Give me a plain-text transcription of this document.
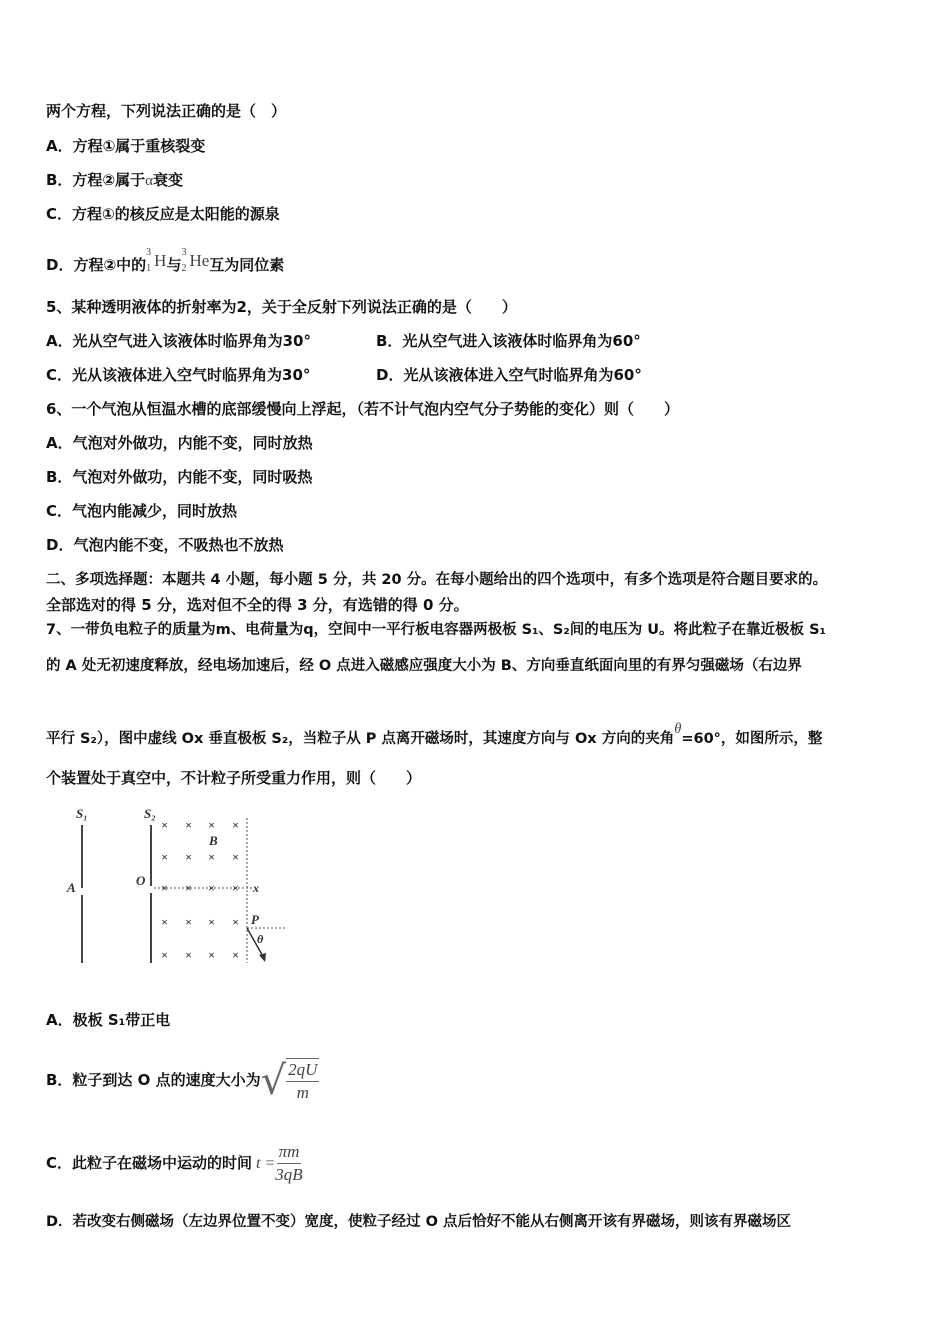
两个方程，下列说法正确的是（　）
A．方程①属于重核裂变
B．方程②属于α衰变
C．方程①的核反应是太阳能的源泉
D．方程②中的
3
1 H与
3
2 He互为同位素
5、某种透明液体的折射率为2，关于全反射下列说法正确的是（　　）
A．光从空气进入该液体时临界角为30°	B．光从空气进入该液体时临界角为60°
C．光从该液体进入空气时临界角为30°	D．光从该液体进入空气时临界角为60°
6、一个气泡从恒温水槽的底部缓慢向上浮起，（若不计气泡内空气分子势能的变化）则（　　）
A．气泡对外做功，内能不变，同时放热
B．气泡对外做功，内能不变，同时吸热
C．气泡内能减少，同时放热
D．气泡内能不变，不吸热也不放热
二、多项选择题：本题共 4 小题，每小题 5 分，共 20 分。在每小题给出的四个选项中，有多个选项是符合题目要求的。
全部选对的得 5 分，选对但不全的得 3 分，有选错的得 0 分。
7、一带负电粒子的质量为m、电荷量为q，空间中一平行板电容器两极板 S₁、S₂间的电压为 U。将此粒子在靠近极板 S₁
的 A 处无初速度释放，经电场加速后，经 O 点进入磁感应强度大小为 B、方向垂直纸面向里的有界匀强磁场（右边界
平行 S₂），图中虚线 Ox 垂直极板 S₂，当粒子从 P 点离开磁场时，其速度方向与 Ox 方向的夹角θ=60°，如图所示，整
个装置处于真空中，不计粒子所受重力作用，则（　　）
× × × ×
× × × ×
× × × ×
× × × ×
× × × ×
S₁	S₂
A	O
B
x
P
θ
A．极板 S₁带正电
B．粒子到达 O 点的速度大小为 √ $\frac{2qU}{m}$
C．此粒子在磁场中运动的时间 $t = \frac{\pi m}{3qB}$
D．若改变右侧磁场（左边界位置不变）宽度，使粒子经过 O 点后恰好不能从右侧离开该有界磁场，则该有界磁场区
